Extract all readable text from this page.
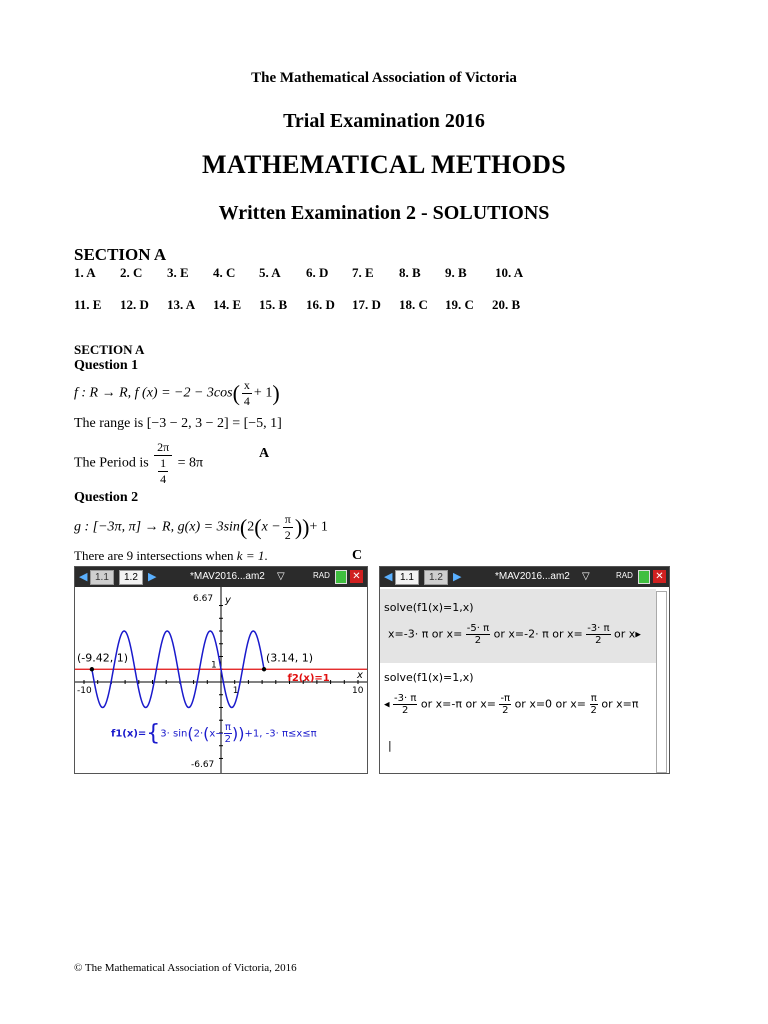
The Mathematical Association of Victoria
Trial Examination 2016
MATHEMATICAL METHODS
Written Examination 2 - SOLUTIONS
SECTION A
1. A 2. C 3. E 4. C 5. A 6. D 7. E 8. B 9. B 10. A
11. E 12. D 13. A 14. E 15. B 16. D 17. D 18. C 19. C 20. B
SECTION A
Question 1
f : R → R, f $(x) = -2 - 3\cos( \frac{x}{4} + 1)$
The range is [−3 − 2, 3 − 2] = [−5, 1]
The Period is $\frac{2\pi}{\frac{1}{4}} = 8\pi$
A
Question 2
g : [−3π, π] → R, $g(x) = 3\sin(2(x - \frac{\pi}{2}$ ))+ 1
There are 9 intersections when k = 1.	C
◀ 1.1	1.2 ▶	*MAV2016...am2 ▽	RAD ✕
6.67
-6.67
y
-10	10
x
1
1
(-9.42, 1)	(3.14, 1)
f2(x)=1
$f1(x)=\{3\cdot \sin(2\cdot(x- \frac{\pi}{2} ))+1$, -3· π≤x≤π
◀ 1.1	1.2 ▶	*MAV2016...am2 ▽	RAD ✕
solve(f1(x)=1,x)
x=-3· π or $x= \frac{-5\cdot \pi}{2}$ or x=-2· π or $x= \frac{-3\cdot \pi}{2}$ or x▸
solve(f1(x)=1,x)
◂ $\frac{-3\cdot \pi}{2}$ or x=-π or $x= \frac{-\pi}{2}$ or x=0 or $x= \frac{\pi}{2}$ or x=π
|
© The Mathematical Association of Victoria, 2016
